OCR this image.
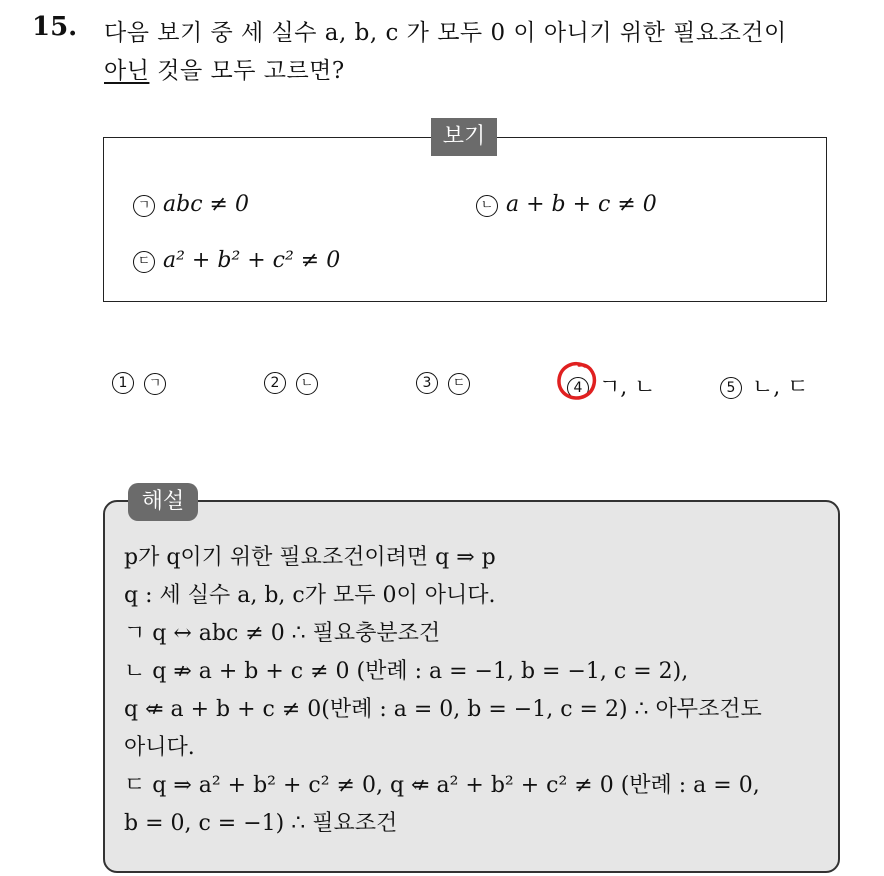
15. 다음 보기 중 세 실수 a, b, c 가 모두 0 이 아니기 위한 필요조건이
아닌 것을 모두 고르면?
보기
ㄱ abc ≠ 0	ㄴ a + b + c ≠ 0
ㄷ a² + b² + c² ≠ 0
1 ㄱ	2 ㄴ	3 ㄷ	4 ㄱ, ㄴ	5 ㄴ, ㄷ
해설
p가 q이기 위한 필요조건이려면 q ⇒ p
q : 세 실수 a, b, c가 모두 0이 아니다.
ㄱ q ↔ abc ≠ 0 ∴ 필요충분조건
ㄴ q ⇏ a + b + c ≠ 0 (반례 : a = −1, b = −1, c = 2),
q ⇍ a + b + c ≠ 0(반례 : a = 0, b = −1, c = 2) ∴ 아무조건도
아니다.
ㄷ q ⇒ a² + b² + c² ≠ 0, q ⇍ a² + b² + c² ≠ 0 (반례 : a = 0,
b = 0, c = −1) ∴ 필요조건
